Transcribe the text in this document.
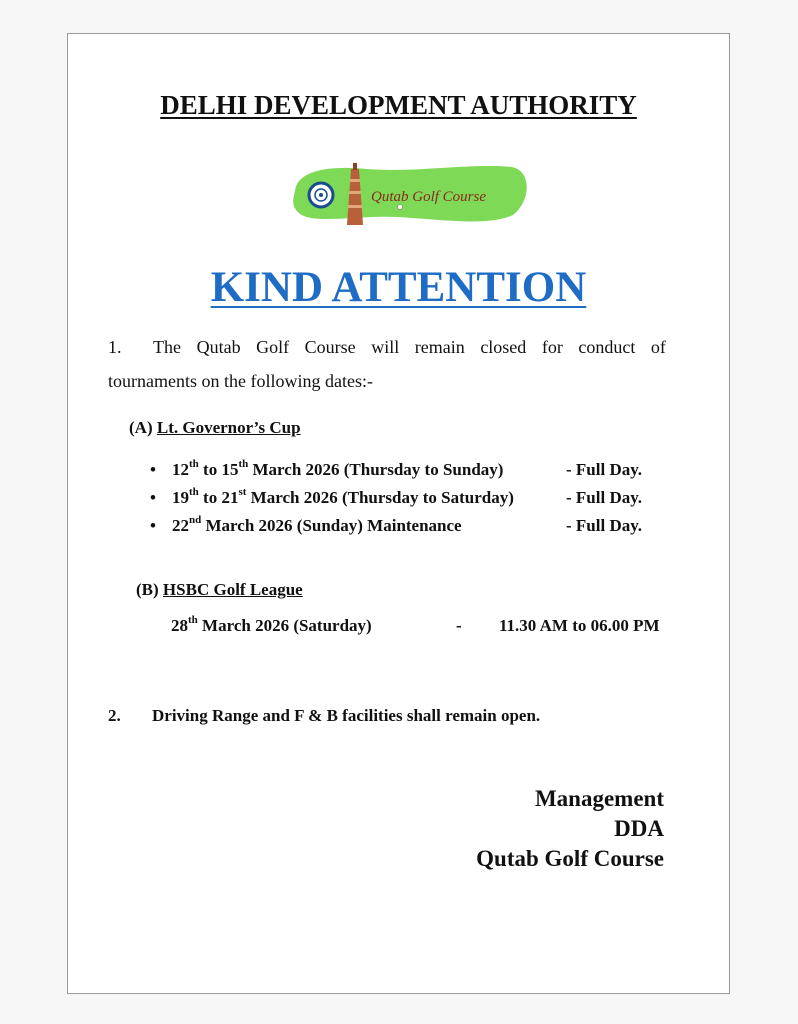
DELHI DEVELOPMENT AUTHORITY
Qutab Golf Course
KIND ATTENTION
1. The Qutab Golf Course will remain closed for conduct of
tournaments on the following dates:-
(A) Lt. Governor’s Cup
• 12th to 15th March 2026 (Thursday to Sunday)	- Full Day.
• 19th to 21st March 2026 (Thursday to Saturday)	- Full Day.
• 22nd March 2026 (Sunday) Maintenance	- Full Day.
(B) HSBC Golf League
28th March 2026 (Saturday)	- 11.30 AM to 06.00 PM
2. Driving Range and F & B facilities shall remain open.
Management
DDA
Qutab Golf Course
